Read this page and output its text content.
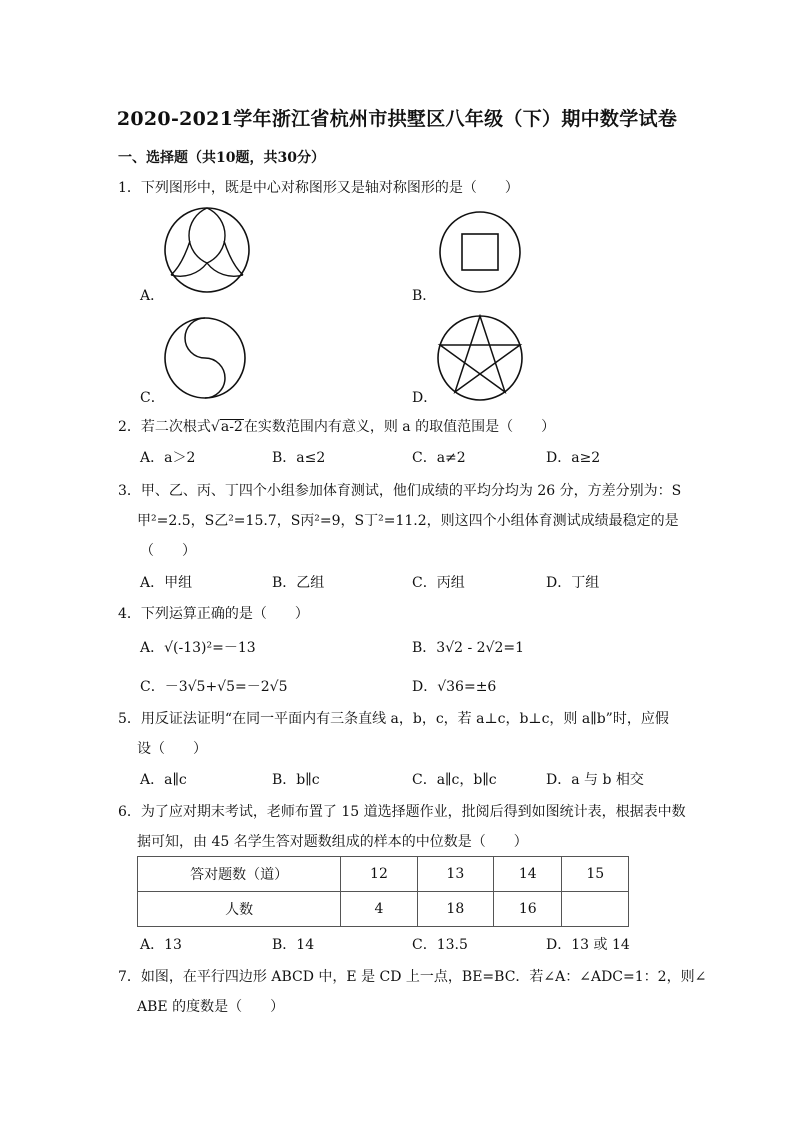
2020-2021学年浙江省杭州市拱墅区八年级（下）期中数学试卷
一、选择题（共10题，共30分）
1．下列图形中，既是中心对称图形又是轴对称图形的是（　　）
A．	B．
C．	D．
2．若二次根式√a-2在实数范围内有意义，则 a 的取值范围是（　　）
A．a＞2	B．a≤2	C．a≠2	D．a≥2
3．甲、乙、丙、丁四个小组参加体育测试，他们成绩的平均分均为 26 分，方差分别为：S
甲²=2.5，S乙²=15.7，S丙²=9，S丁²=11.2，则这四个小组体育测试成绩最稳定的是
（　　）
A．甲组	B．乙组	C．丙组	D．丁组
4．下列运算正确的是（　　）
A．√(-13)²=－13	B．3√2 - 2√2=1
C．－3√5+√5=－2√5	D．√36=±6
5．用反证法证明“在同一平面内有三条直线 a，b，c，若 a⊥c，b⊥c，则 a∥b”时，应假
设（　　）
A．a∥c	B．b∥c	C．a∥c，b∥c	D．a 与 b 相交
6．为了应对期末考试，老师布置了 15 道选择题作业，批阅后得到如图统计表，根据表中数
据可知，由 45 名学生答对题数组成的样本的中位数是（　　）
答对题数（道）	12	13	14	15
人数	4	18	16	
A．13	B．14	C．13.5	D．13 或 14
7．如图，在平行四边形 ABCD 中，E 是 CD 上一点，BE=BC．若∠A：∠ADC=1：2，则∠
ABE 的度数是（　　）
